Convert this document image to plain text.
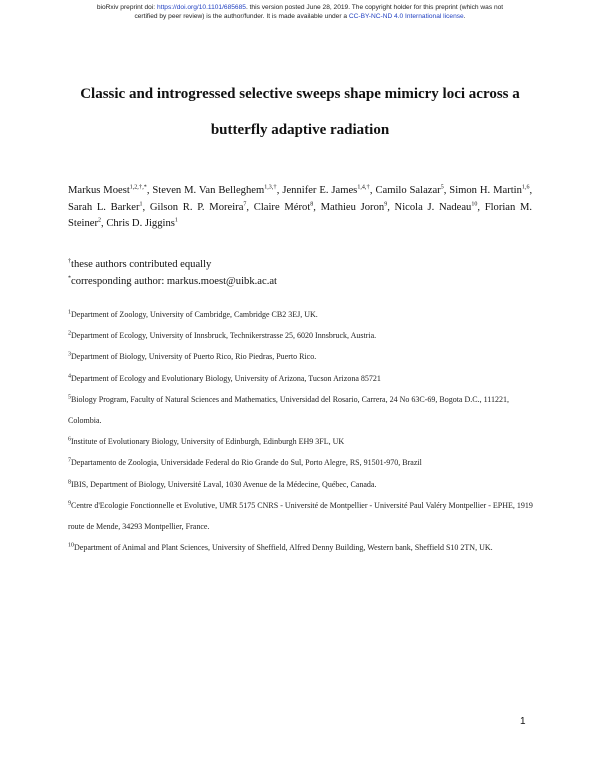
bioRxiv preprint doi: https://doi.org/10.1101/685685. this version posted June 28, 2019. The copyright holder for this preprint (which was not
certified by peer review) is the author/funder. It is made available under a CC-BY-NC-ND 4.0 International license.
Classic and introgressed selective sweeps shape mimicry loci across a
butterfly adaptive radiation
Markus Moest$^{1,2,\dagger,*}$, Steven M. Van Belleghem$^{1,3,\dagger}$, Jennifer E. James$^{1,4,\dagger}$, Camilo Salazar$^5$, Simon H. Martin$^{1,6}$, Sarah L. Barker$^1$, Gilson R. P. Moreira$^7$, Claire Mérot$^8$, Mathieu Joron$^9$, Nicola J. Nadeau$^{10}$, Florian M. Steiner$^2$, Chris D. Jiggins$^1$
†these authors contributed equally
*corresponding author: markus.moest@uibk.ac.at
$^1$Department of Zoology, University of Cambridge, Cambridge CB2 3EJ, UK.
$^2$Department of Ecology, University of Innsbruck, Technikerstrasse 25, 6020 Innsbruck, Austria.
$^3$Department of Biology, University of Puerto Rico, Rio Piedras, Puerto Rico.
$^4$Department of Ecology and Evolutionary Biology, University of Arizona, Tucson Arizona 85721
$^5$Biology Program, Faculty of Natural Sciences and Mathematics, Universidad del Rosario, Carrera, 24 No 63C-69, Bogota D.C., 111221, Colombia.
$^6$Institute of Evolutionary Biology, University of Edinburgh, Edinburgh EH9 3FL, UK
$^7$Departamento de Zoologia, Universidade Federal do Rio Grande do Sul, Porto Alegre, RS, 91501-970, Brazil
$^8$IBIS, Department of Biology, Université Laval, 1030 Avenue de la Médecine, Québec, Canada.
$^9$Centre d'Ecologie Fonctionnelle et Evolutive, UMR 5175 CNRS - Université de Montpellier - Université Paul Valéry Montpellier - EPHE, 1919 route de Mende, 34293 Montpellier, France.
$^{10}$Department of Animal and Plant Sciences, University of Sheffield, Alfred Denny Building, Western bank, Sheffield S10 2TN, UK.
1
